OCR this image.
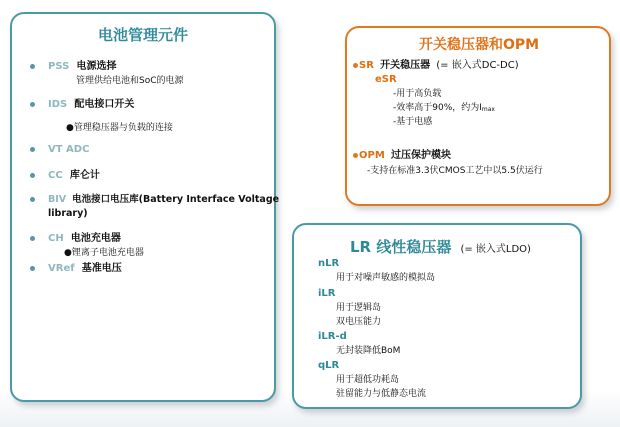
电池管理元件
PSS 电源选择
管理供给电池和SoC的电源
IDS 配电接口开关
●管理稳压器与负载的连接
VT ADC
CC 库仑计
BIV 电池接口电压库(Battery Interface Voltage
library)
CH 电池充电器
●锂离子电池充电器
VRef 基准电压
开关稳压器和OPM
SR 开关稳压器 (= 嵌入式DC-DC)
eSR
-用于高负载
-效率高于90%，约为Imax
-基于电感
OPM 过压保护模块
-支持在标准3.3伏CMOS工艺中以5.5伏运行
LR 线性稳压器 (= 嵌入式LDO)
nLR
用于对噪声敏感的模拟岛
iLR
用于逻辑岛
双电压能力
iLR-d
无封装降低BoM
qLR
用于超低功耗岛
驻留能力与低静态电流
